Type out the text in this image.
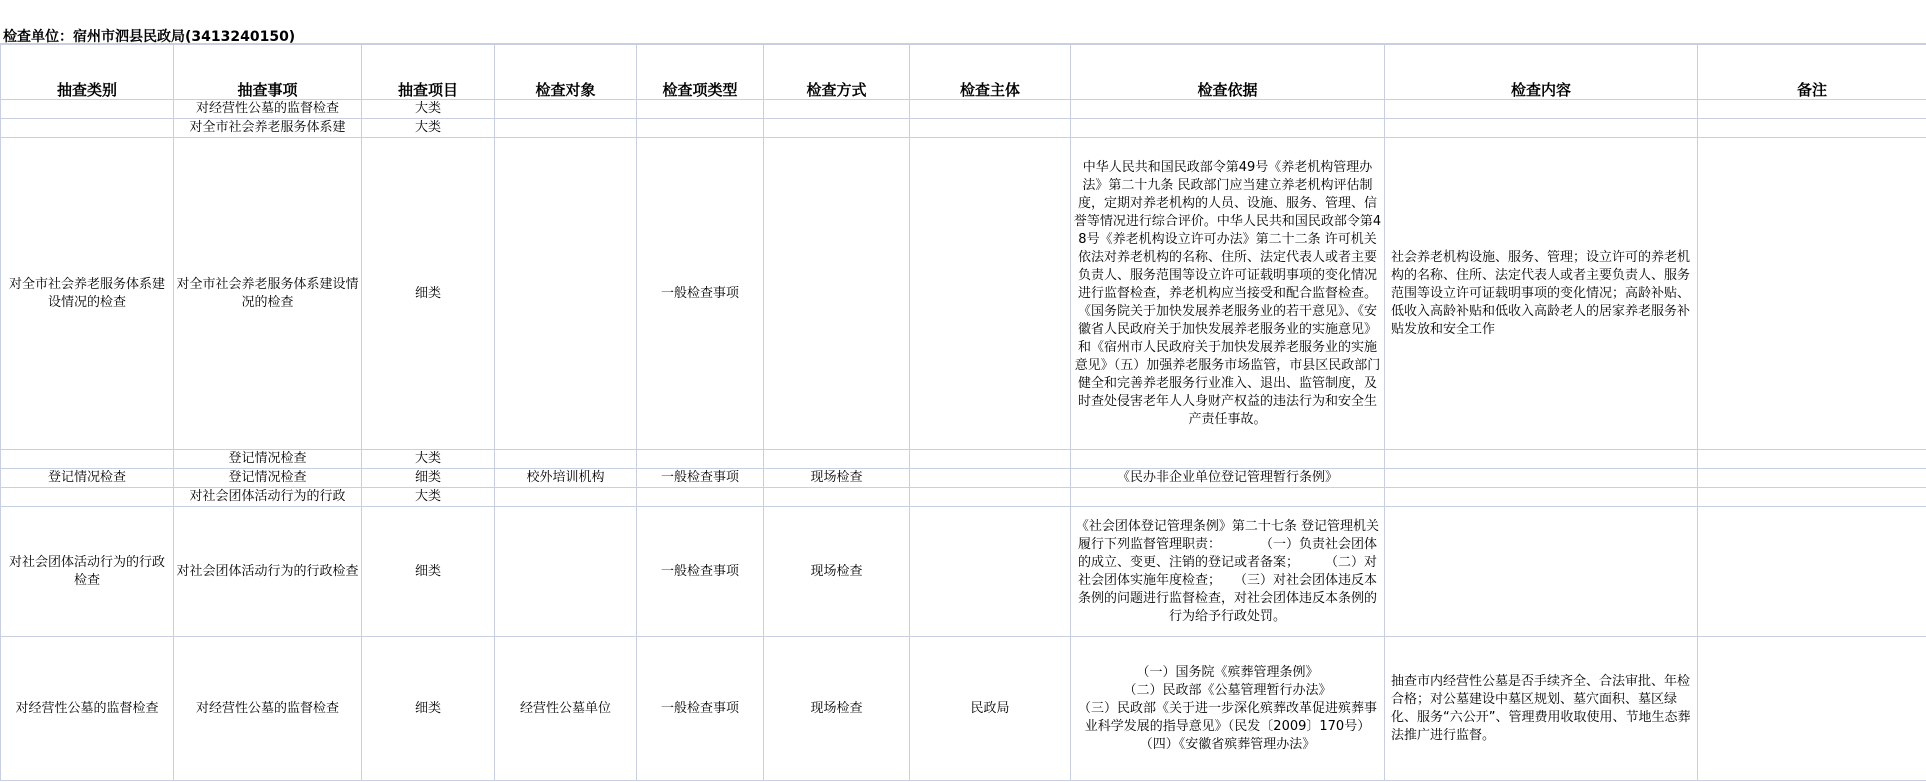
检查单位：宿州市泗县民政局(3413240150)
抽查类别	抽查事项	抽查项目	检查对象	检查项类型	检查方式	检查主体	检查依据	检查内容	备注
	对经营性公墓的监督检查	大类							
	对全市社会养老服务体系建	大类							
对全市社会养老服务体系建设情况的检查	对全市社会养老服务体系建设情况的检查	细类		一般检查事项			中华人民共和国民政部令第49号《养老机构管理办法》第二十九条 民政部门应当建立养老机构评估制度，定期对养老机构的人员、设施、服务、管理、信誉等情况进行综合评价。中华人民共和国民政部令第48号《养老机构设立许可办法》第二十二条 许可机关依法对养老机构的名称、住所、法定代表人或者主要负责人、服务范围等设立许可证载明事项的变化情况进行监督检查，养老机构应当接受和配合监督检查。《国务院关于加快发展养老服务业的若干意见》、《安徽省人民政府关于加快发展养老服务业的实施意见》和《宿州市人民政府关于加快发展养老服务业的实施意见》（五）加强养老服务市场监管，市县区民政部门健全和完善养老服务行业准入、退出、监管制度，及时查处侵害老年人人身财产权益的违法行为和安全生产责任事故。	社会养老机构设施、服务、管理；设立许可的养老机构的名称、住所、法定代表人或者主要负责人、服务范围等设立许可证载明事项的变化情况；高龄补贴、低收入高龄补贴和低收入高龄老人的居家养老服务补贴发放和安全工作	
	登记情况检查	大类							
登记情况检查	登记情况检查	细类	校外培训机构	一般检查事项	现场检查		《民办非企业单位登记管理暂行条例》		
	对社会团体活动行为的行政	大类							
对社会团体活动行为的行政检查	对社会团体活动行为的行政检查	细类		一般检查事项	现场检查		《社会团体登记管理条例》第二十七条 登记管理机关履行下列监督管理职责：　　　　（一）负责社会团体的成立、变更、注销的登记或者备案；　　　（二）对社会团体实施年度检查；　　（三）对社会团体违反本条例的问题进行监督检查，对社会团体违反本条例的行为给予行政处罚。		
对经营性公墓的监督检查	对经营性公墓的监督检查	细类	经营性公墓单位	一般检查事项	现场检查	民政局	（一）国务院《殡葬管理条例》
（二）民政部《公墓管理暂行办法》
（三）民政部《关于进一步深化殡葬改革促进殡葬事业科学发展的指导意见》（民发〔2009〕170号）
（四）《安徽省殡葬管理办法》	抽查市内经营性公墓是否手续齐全、合法审批、年检合格；对公墓建设中墓区规划、墓穴面积、墓区绿化、服务“六公开”、管理费用收取使用、节地生态葬法推广进行监督。	
